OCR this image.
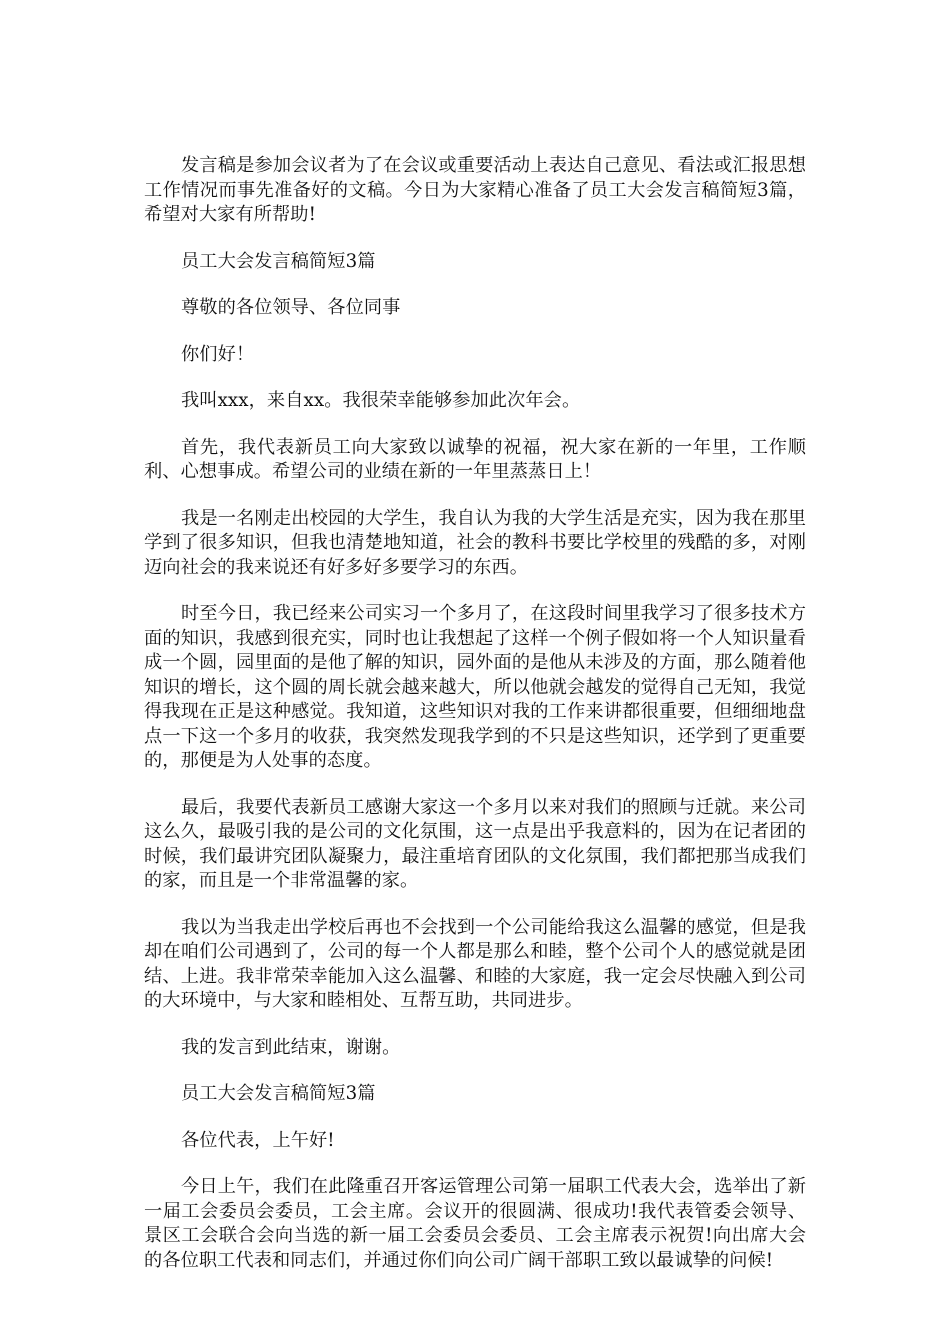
发言稿是参加会议者为了在会议或重要活动上表达自己意见、看法或汇报思想工作情况而事先准备好的文稿。今日为大家精心准备了员工大会发言稿简短3篇，希望对大家有所帮助!

员工大会发言稿简短3篇

尊敬的各位领导、各位同事

你们好！

我叫xxx，来自xx。我很荣幸能够参加此次年会。

首先，我代表新员工向大家致以诚挚的祝福，祝大家在新的一年里，工作顺利、心想事成。希望公司的业绩在新的一年里蒸蒸日上！

我是一名刚走出校园的大学生，我自认为我的大学生活是充实，因为我在那里学到了很多知识，但我也清楚地知道，社会的教科书要比学校里的残酷的多，对刚迈向社会的我来说还有好多好多要学习的东西。

时至今日，我已经来公司实习一个多月了，在这段时间里我学习了很多技术方面的知识，我感到很充实，同时也让我想起了这样一个例子假如将一个人知识量看成一个圆，园里面的是他了解的知识，园外面的是他从未涉及的方面，那么随着他知识的增长，这个圆的周长就会越来越大，所以他就会越发的觉得自己无知，我觉得我现在正是这种感觉。我知道，这些知识对我的工作来讲都很重要，但细细地盘点一下这一个多月的收获，我突然发现我学到的不只是这些知识，还学到了更重要的，那便是为人处事的态度。

最后，我要代表新员工感谢大家这一个多月以来对我们的照顾与迁就。来公司这么久，最吸引我的是公司的文化氛围，这一点是出乎我意料的，因为在记者团的时候，我们最讲究团队凝聚力，最注重培育团队的文化氛围，我们都把那当成我们的家，而且是一个非常温馨的家。

我以为当我走出学校后再也不会找到一个公司能给我这么温馨的感觉，但是我却在咱们公司遇到了，公司的每一个人都是那么和睦，整个公司个人的感觉就是团结、上进。我非常荣幸能加入这么温馨、和睦的大家庭，我一定会尽快融入到公司的大环境中，与大家和睦相处、互帮互助，共同进步。

我的发言到此结束，谢谢。

员工大会发言稿简短3篇

各位代表，上午好!

今日上午，我们在此隆重召开客运管理公司第一届职工代表大会，选举出了新一届工会委员会委员，工会主席。会议开的很圆满、很成功!我代表管委会领导、景区工会联合会向当选的新一届工会委员会委员、工会主席表示祝贺!向出席大会的各位职工代表和同志们，并通过你们向公司广阔干部职工致以最诚挚的问候!
